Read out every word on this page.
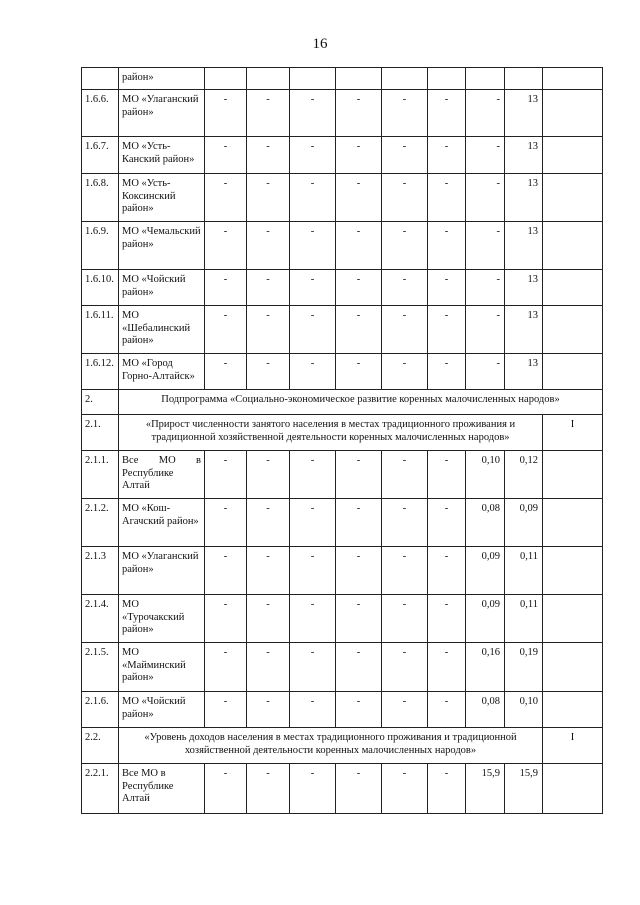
16
	район»									
1.6.6.	МО «Улаганский район»	-	-	-	-	-	-	-	13	
1.6.7.	МО «Усть-Канский район»	-	-	-	-	-	-	-	13	
1.6.8.	МО «Усть-Коксинский район»	-	-	-	-	-	-	-	13	
1.6.9.	МО «Чемальский район»	-	-	-	-	-	-	-	13	
1.6.10.	МО «Чойский район»	-	-	-	-	-	-	-	13	
1.6.11.	МО «Шебалинский район»	-	-	-	-	-	-	-	13	
1.6.12.	МО «Город Горно-Алтайск»	-	-	-	-	-	-	-	13	
2.	Подпрограмма «Социально-экономическое развитие коренных малочисленных народов»									
2.1.	«Прирост численности занятого населения в местах традиционного проживания и традиционной хозяйственной деятельности коренных малочисленных народов»									I
2.1.1.	Все МО в Республике Алтай	-	-	-	-	-	-	0,10	0,12	
2.1.2.	МО «Кош-Агачский район»	-	-	-	-	-	-	0,08	0,09	
2.1.3	МО «Улаганский район»	-	-	-	-	-	-	0,09	0,11	
2.1.4.	МО «Турочакский район»	-	-	-	-	-	-	0,09	0,11	
2.1.5.	МО «Майминский район»	-	-	-	-	-	-	0,16	0,19	
2.1.6.	МО «Чойский район»	-	-	-	-	-	-	0,08	0,10	
2.2.	«Уровень доходов населения в местах традиционного проживания и традиционной хозяйственной деятельности коренных малочисленных народов»									I
2.2.1.	Все МО в Республике Алтай	-	-	-	-	-	-	15,9	15,9	
